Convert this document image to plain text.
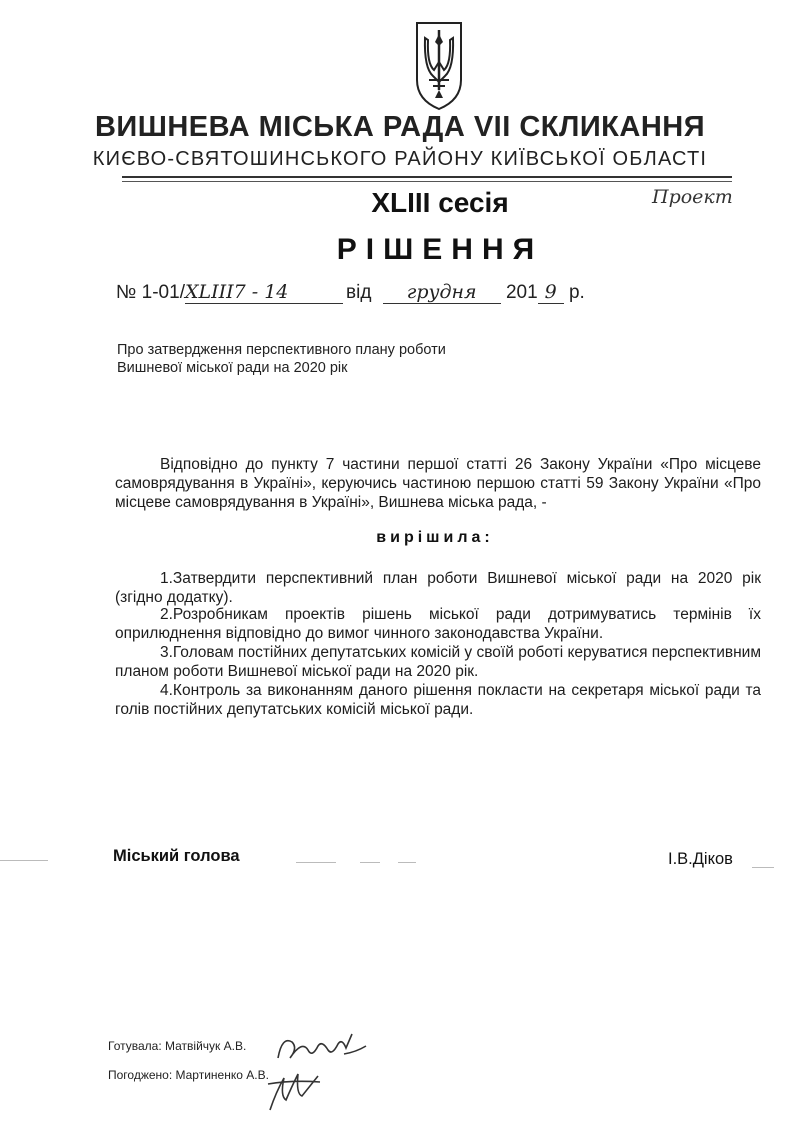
ВИШНЕВА МІСЬКА РАДА VII СКЛИКАННЯ
КИЄВО-СВЯТОШИНСЬКОГО РАЙОНУ КИЇВСЬКОЇ ОБЛАСТІ
XLIII сесія	Проект
РІШЕННЯ
№ 1-01/XLIII7 - 14	від грудня 201 9 р.
Про затвердження перспективного плану роботи
Вишневої міської ради на 2020 рік
Відповідно до пункту 7 частини першої статті 26 Закону України «Про місцеве самоврядування в Україні», керуючись частиною першою статті 59 Закону України «Про місцеве самоврядування в Україні», Вишнева міська рада, -
вирішила:
1.Затвердити перспективний план роботи Вишневої міської ради на 2020 рік (згідно додатку).
2.Розробникам проектів рішень міської ради дотримуватись термінів їх оприлюднення відповідно до вимог чинного законодавства України.
3.Головам постійних депутатських комісій у своїй роботі керуватися перспективним планом роботи Вишневої міської ради на 2020 рік.
4.Контроль за виконанням даного рішення покласти на секретаря міської ради та голів постійних депутатських комісій міської ради.
Міський голова	І.В.Діков
Готувала: Матвійчук А.В.
Погоджено: Мартиненко А.В.
